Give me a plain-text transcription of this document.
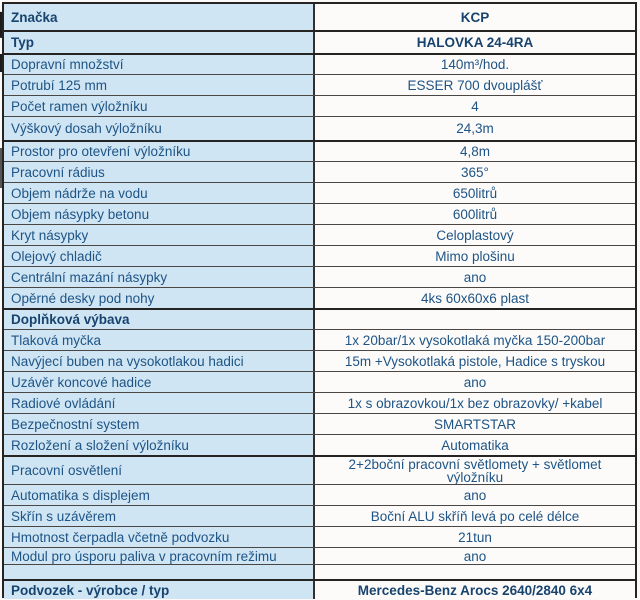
Značka	KCP
Typ	HALOVKA 24-4RA
Dopravní množství	140m³/hod.
Potrubí 125 mm	ESSER 700 dvouplášť
Počet ramen výložníku	4
Výškový dosah výložníku	24,3m
Prostor pro otevření výložníku	4,8m
Pracovní rádius	365°
Objem nádrže na vodu	650litrů
Objem násypky betonu	600litrů
Kryt násypky	Celoplastový
Olejový chladič	Mimo plošinu
Centrální mazání násypky	ano
Opěrné desky pod nohy	4ks 60x60x6 plast
Doplňková výbava
Tlaková myčka	1x 20bar/1x vysokotlaká myčka 150-200bar
Navýjecí buben na vysokotlakou hadici	15m +Vysokotlaká pistole, Hadice s tryskou
Uzávěr koncové hadice	ano
Radiové ovládání	1x s obrazovkou/1x bez obrazovky/ +kabel
Bezpečnostní system	SMARTSTAR
Rozložení a složení výložníku	Automatika
Pracovní osvětlení	2+2boční pracovní světlomety + světlomet výložníku
Automatika s displejem	ano
Skřín s uzávěrem	Boční ALU skříň levá po celé délce
Hmotnost čerpadla včetně podvozku	21tun
Modul pro úsporu paliva v pracovním režimu	ano
Podvozek - výrobce / typ	Mercedes-Benz Arocs 2640/2840 6x4
